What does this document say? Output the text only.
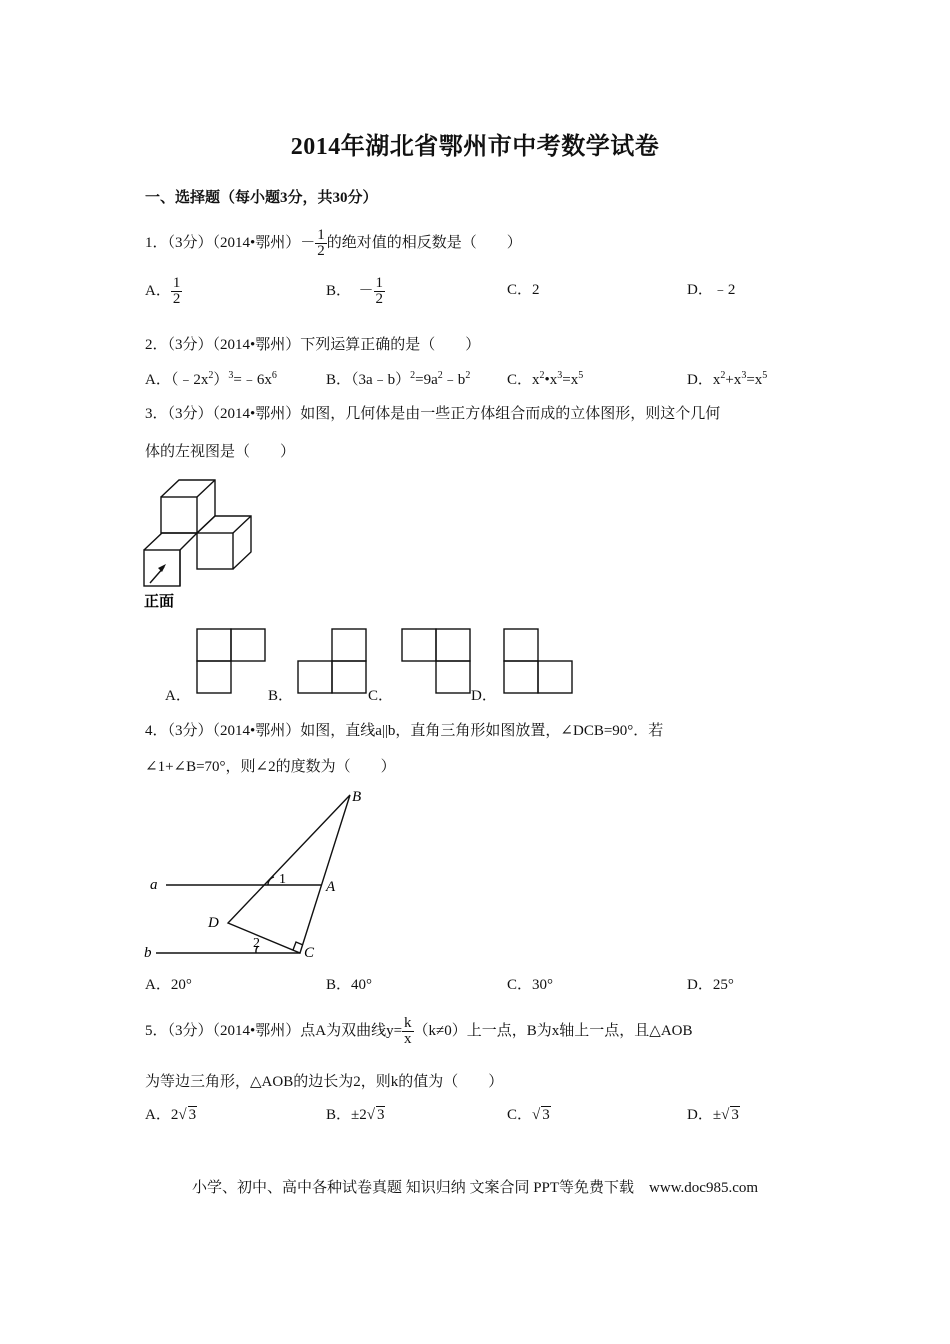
2014年湖北省鄂州市中考数学试卷
一、选择题（每小题3分，共30分）
1．（3分）（2014•鄂州）－ $\frac{1}{2}$ 的绝对值的相反数是（　　）
A． $\frac{1}{2}$	B． － $\frac{1}{2}$	C．2	D．﹣2
2．（3分）（2014•鄂州）下列运算正确的是（　　）
A．$(﹣2x^2)^3=﹣6x^6$	B．$(3a﹣b)^2=9a^2﹣b^2$ C．$x^2•x^3=x^5$	D．$x^2+x^3=x^5$
3．（3分）（2014•鄂州）如图，几何体是由一些正方体组合而成的立体图形，则这个几何
体的左视图是（　　）
正面
A．	B．	C．	D．
4．（3分）（2014•鄂州）如图，直线a||b，直角三角形如图放置，∠DCB=90°．若
∠1+∠B=70°，则∠2的度数为（　　）
B
a	A
D
b	C
1
2
A．20°	B．40°	C．30°	D．25°
5．（3分）（2014•鄂州）点A为双曲线$y= \frac{k}{x} (k\ne 0)$上一点，B为x轴上一点，且△AOB
为等边三角形，△AOB的边长为2，则k的值为（　　）
A．2√ 3	B．±2√ 3	C．√ 3	D．±√ 3
小学、初中、高中各种试卷真题 知识归纳 文案合同 PPT等免费下载　www.doc985.com
